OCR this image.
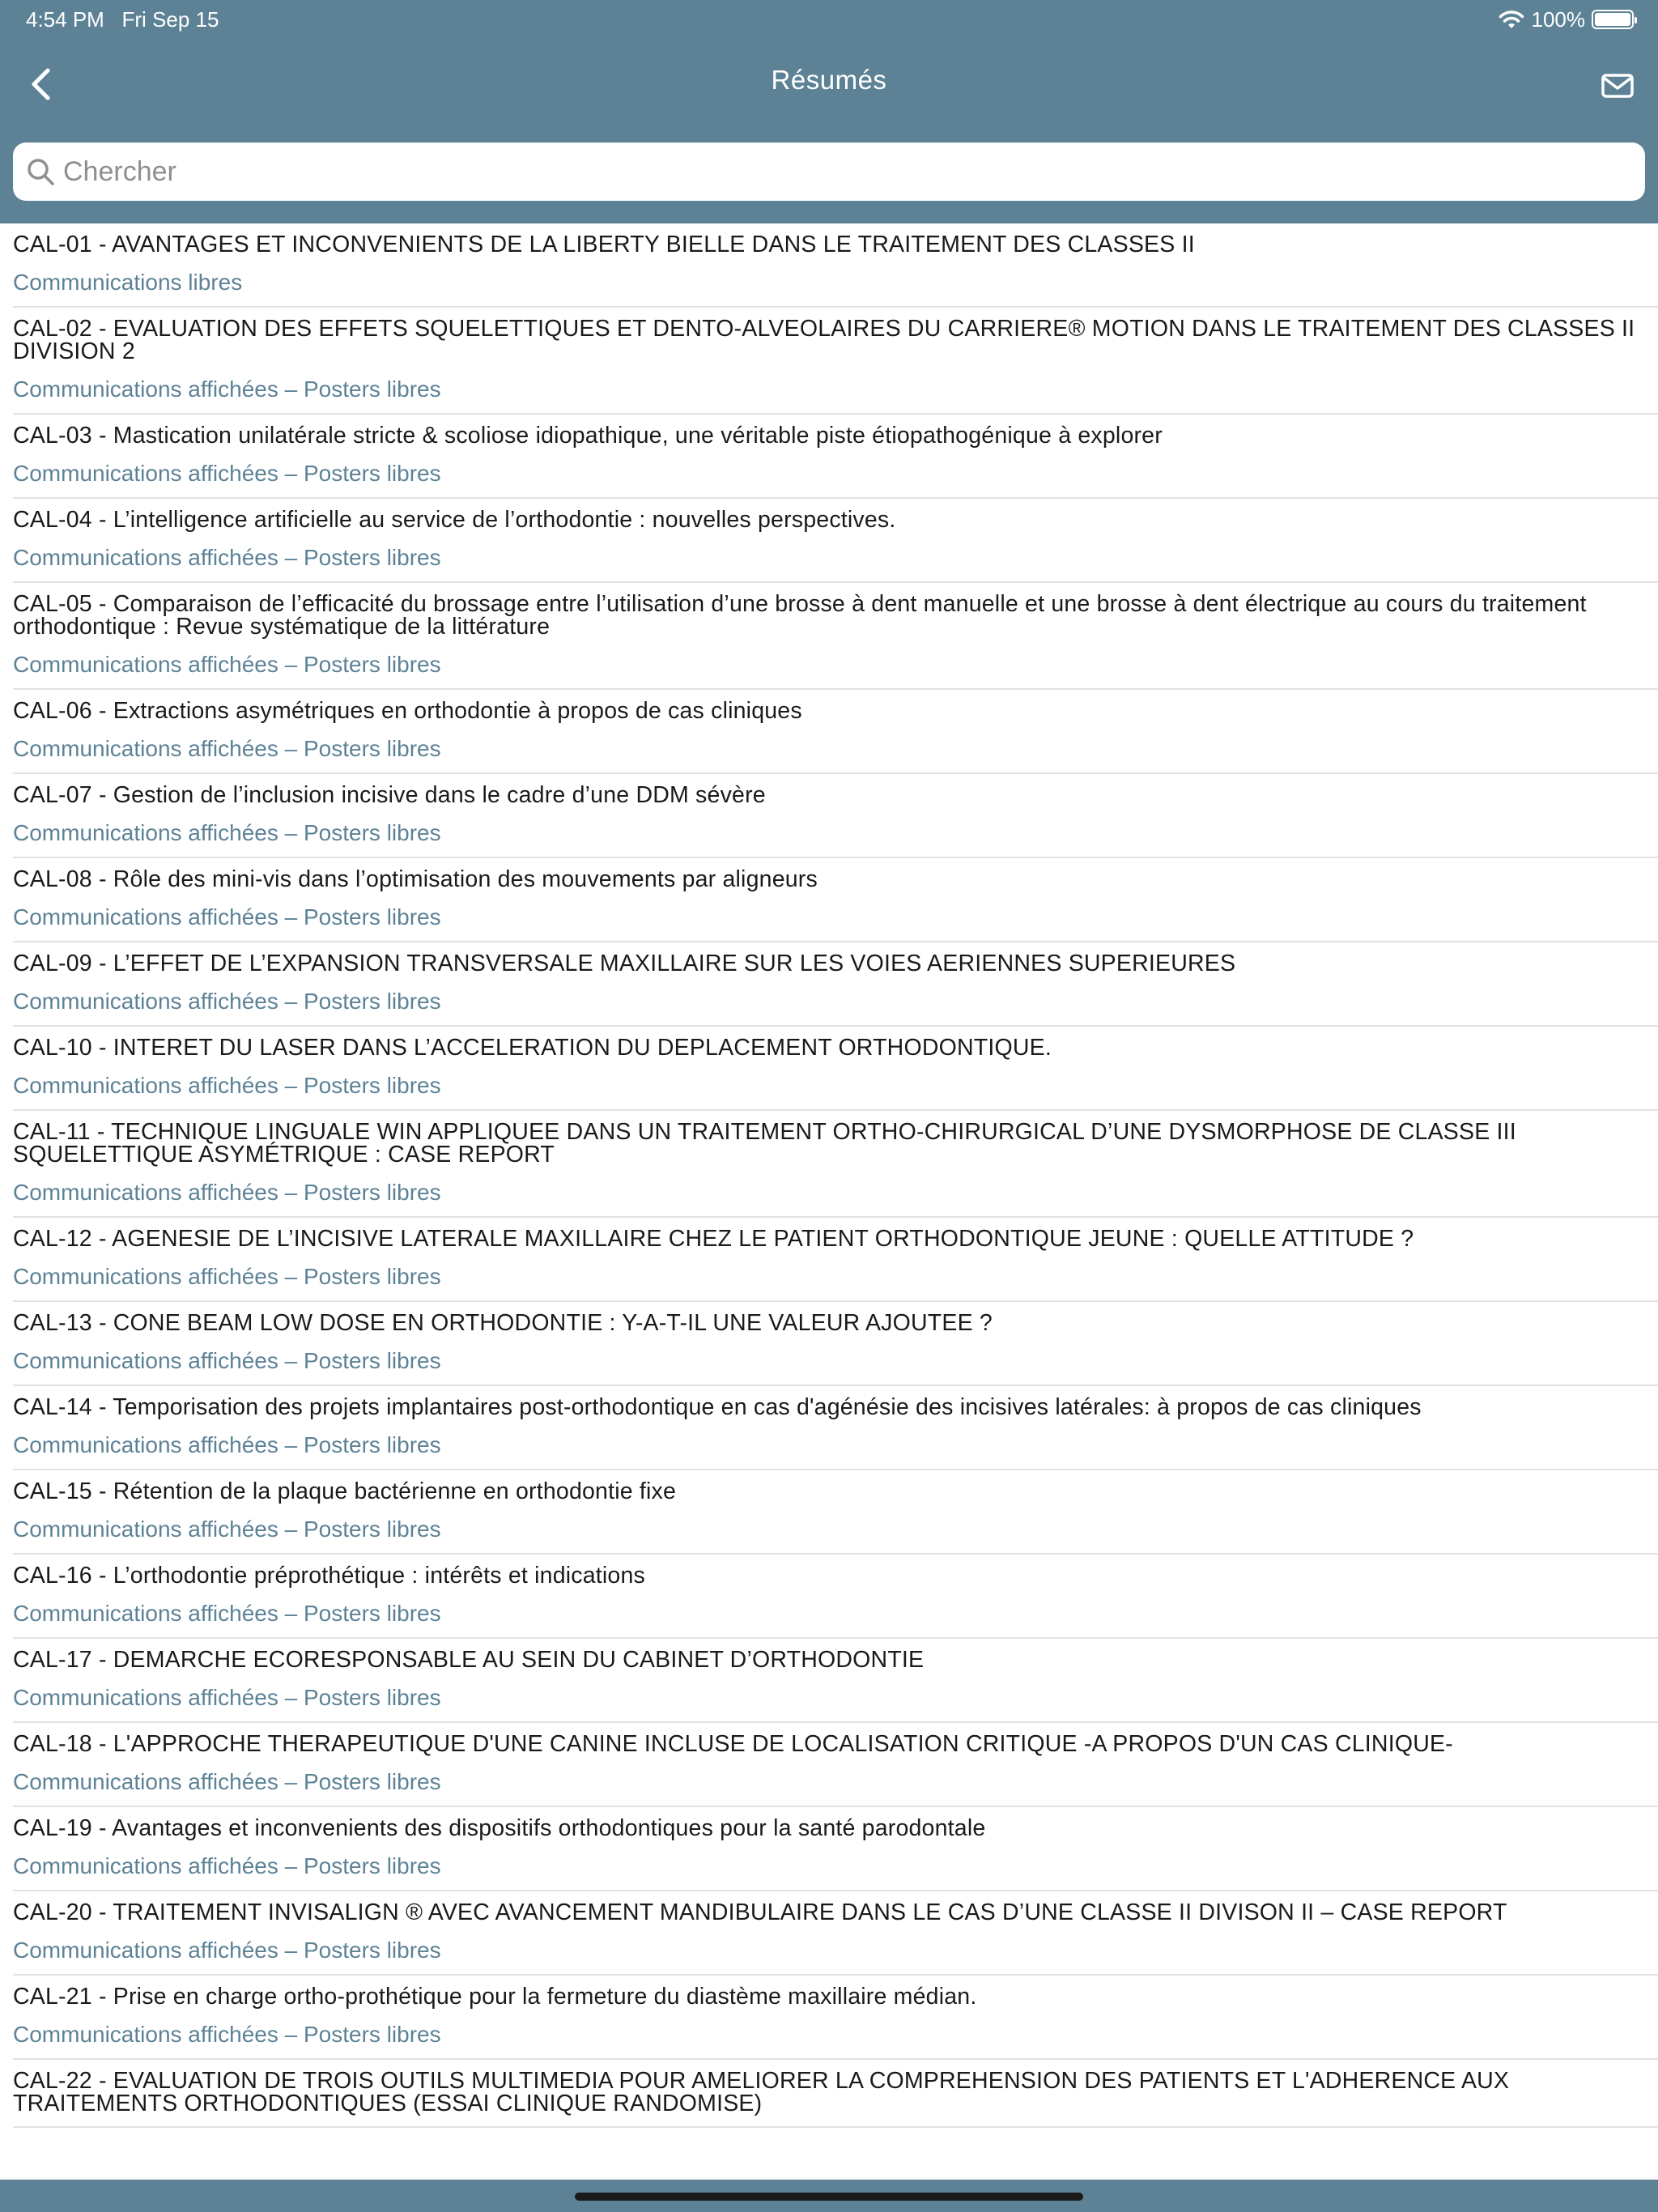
4:54 PM Fri Sep 15	100%
Résumés
Chercher
CAL-01 - AVANTAGES ET INCONVENIENTS DE LA LIBERTY BIELLE DANS LE TRAITEMENT DES CLASSES II
Communications libres
CAL-02 - EVALUATION DES EFFETS SQUELETTIQUES ET DENTO-ALVEOLAIRES DU CARRIERE® MOTION DANS LE TRAITEMENT DES CLASSES II DIVISION 2
Communications affichées – Posters libres
CAL-03 - Mastication unilatérale stricte & scoliose idiopathique, une véritable piste étiopathogénique à explorer
Communications affichées – Posters libres
CAL-04 - L’intelligence artificielle au service de l’orthodontie : nouvelles perspectives.
Communications affichées – Posters libres
CAL-05 - Comparaison de l’efficacité du brossage entre l’utilisation d’une brosse à dent manuelle et une brosse à dent électrique au cours du traitement orthodontique : Revue systématique de la littérature
Communications affichées – Posters libres
CAL-06 - Extractions asymétriques en orthodontie à propos de cas cliniques
Communications affichées – Posters libres
CAL-07 - Gestion de l’inclusion incisive dans le cadre d’une DDM sévère
Communications affichées – Posters libres
CAL-08 - Rôle des mini-vis dans l’optimisation des mouvements par aligneurs
Communications affichées – Posters libres
CAL-09 - L’EFFET DE L’EXPANSION TRANSVERSALE MAXILLAIRE SUR LES VOIES AERIENNES SUPERIEURES
Communications affichées – Posters libres
CAL-10 - INTERET DU LASER DANS L’ACCELERATION DU DEPLACEMENT ORTHODONTIQUE.
Communications affichées – Posters libres
CAL-11 - TECHNIQUE LINGUALE WIN APPLIQUEE DANS UN TRAITEMENT ORTHO-CHIRURGICAL D’UNE DYSMORPHOSE DE CLASSE III SQUELETTIQUE ASYMÉTRIQUE : CASE REPORT
Communications affichées – Posters libres
CAL-12 - AGENESIE DE L’INCISIVE LATERALE MAXILLAIRE CHEZ LE PATIENT ORTHODONTIQUE JEUNE : QUELLE ATTITUDE ?
Communications affichées – Posters libres
CAL-13 - CONE BEAM LOW DOSE EN ORTHODONTIE : Y-A-T-IL UNE VALEUR AJOUTEE ?
Communications affichées – Posters libres
CAL-14 - Temporisation des projets implantaires post-orthodontique en cas d'agénésie des incisives latérales: à propos de cas cliniques
Communications affichées – Posters libres
CAL-15 - Rétention de la plaque bactérienne en orthodontie fixe
Communications affichées – Posters libres
CAL-16 - L’orthodontie préprothétique : intérêts et indications
Communications affichées – Posters libres
CAL-17 - DEMARCHE ECORESPONSABLE AU SEIN DU CABINET D’ORTHODONTIE
Communications affichées – Posters libres
CAL-18 - L'APPROCHE THERAPEUTIQUE D'UNE CANINE INCLUSE DE LOCALISATION CRITIQUE -A PROPOS D'UN CAS CLINIQUE-
Communications affichées – Posters libres
CAL-19 - Avantages et inconvenients des dispositifs orthodontiques pour la santé parodontale
Communications affichées – Posters libres
CAL-20 - TRAITEMENT INVISALIGN ® AVEC AVANCEMENT MANDIBULAIRE DANS LE CAS D’UNE CLASSE II DIVISON II – CASE REPORT
Communications affichées – Posters libres
CAL-21 - Prise en charge ortho-prothétique pour la fermeture du diastème maxillaire médian.
Communications affichées – Posters libres
CAL-22 - EVALUATION DE TROIS OUTILS MULTIMEDIA POUR AMELIORER LA COMPREHENSION DES PATIENTS ET L'ADHERENCE AUX TRAITEMENTS ORTHODONTIQUES (ESSAI CLINIQUE RANDOMISE)
